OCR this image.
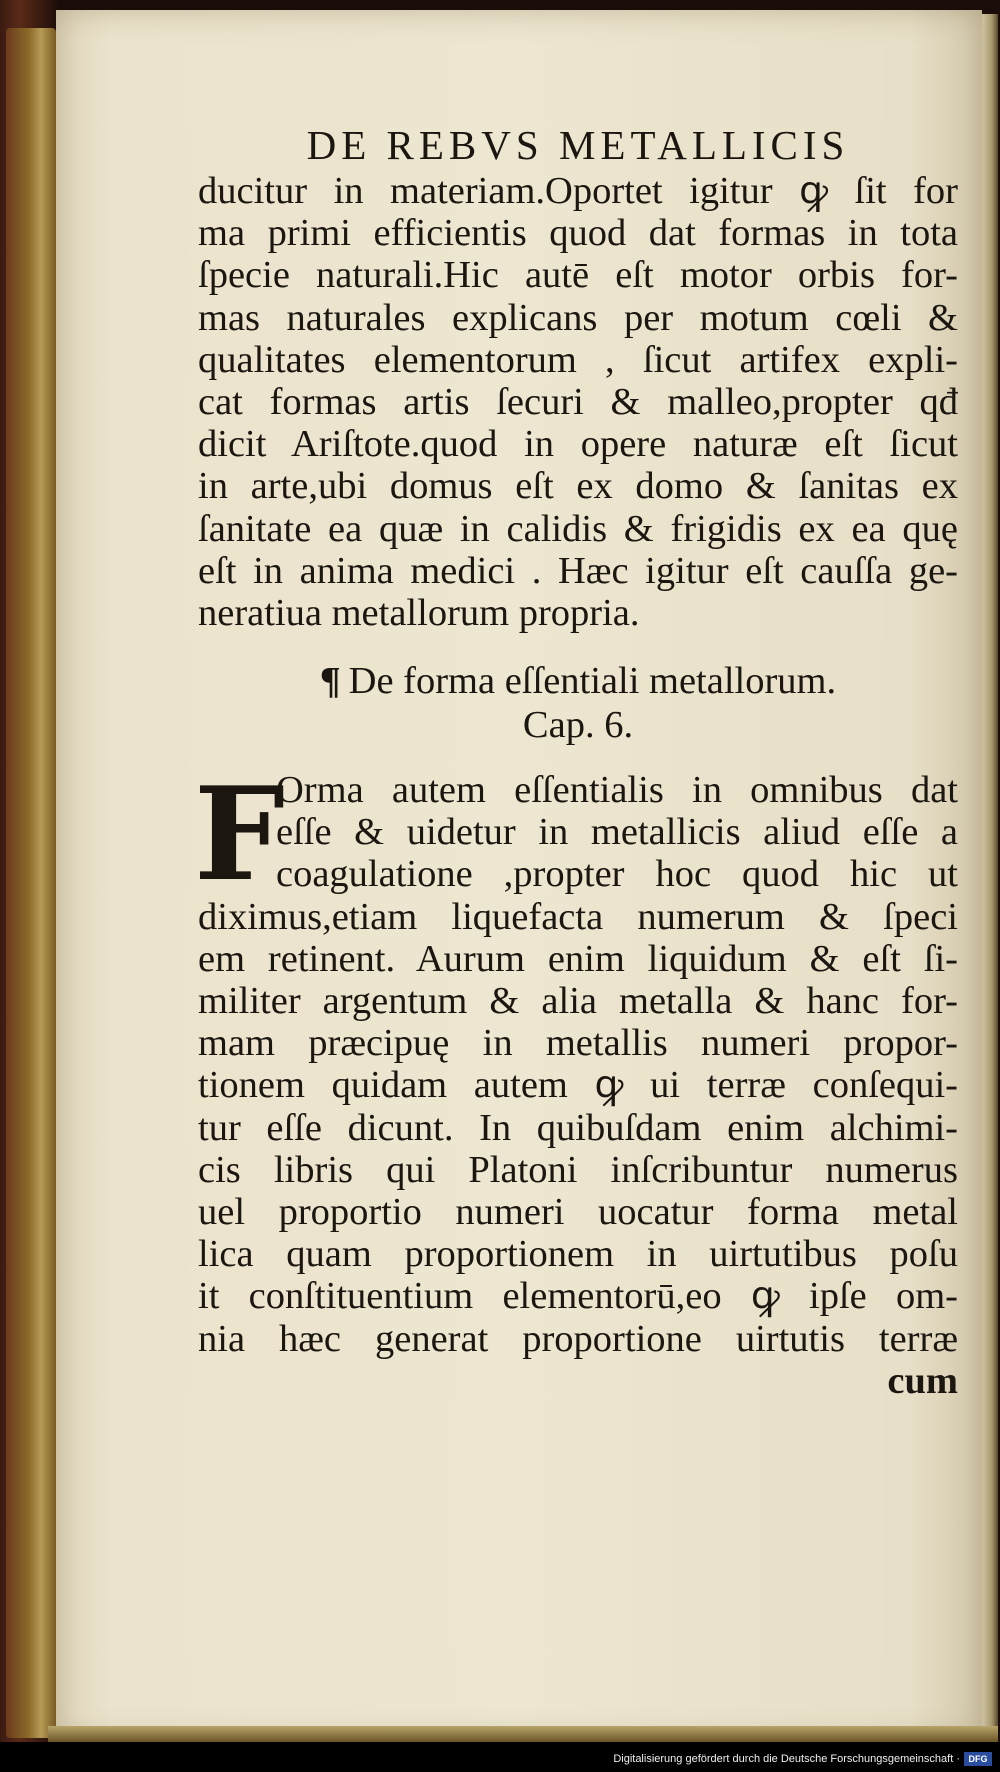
DE REBVS METALLICIS
ducitur in materiam.Oportet igitur ꝙ ſit for
ma primi efficientis quod dat formas in tota
ſpecie naturali.Hic autē eſt motor orbis for-
mas naturales explicans per motum cœli &
qualitates elementorum , ſicut artifex expli-
cat formas artis ſecuri & malleo,propter qđ
dicit Ariſtote.quod in opere naturæ eſt ſicut
in arte,ubi domus eſt ex domo & ſanitas ex
ſanitate ea quæ in calidis & frigidis ex ea quę
eſt in anima medici . Hæc igitur eſt cauſſa ge-
neratiua metallorum propria.
¶ De forma eſſentiali metallorum.
Cap. 6.
F
Orma autem eſſentialis in omnibus dat
eſſe & uidetur in metallicis aliud eſſe a
coagulatione ,propter hoc quod hic ut
diximus,etiam liquefacta numerum & ſpeci
em retinent. Aurum enim liquidum & eſt ſi-
militer argentum & alia metalla & hanc for-
mam præcipuę in metallis numeri propor-
tionem quidam autem ꝙ ui terræ conſequi-
tur eſſe dicunt. In quibuſdam enim alchimi-
cis libris qui Platoni inſcribuntur numerus
uel proportio numeri uocatur forma metal
lica quam proportionem in uirtutibus poſu
it conſtituentium elementorū,eo ꝙ ipſe om-
nia hæc generat proportione uirtutis terræ
cum
Digitalisierung gefördert durch die Deutsche Forschungsgemeinschaft · DFG
